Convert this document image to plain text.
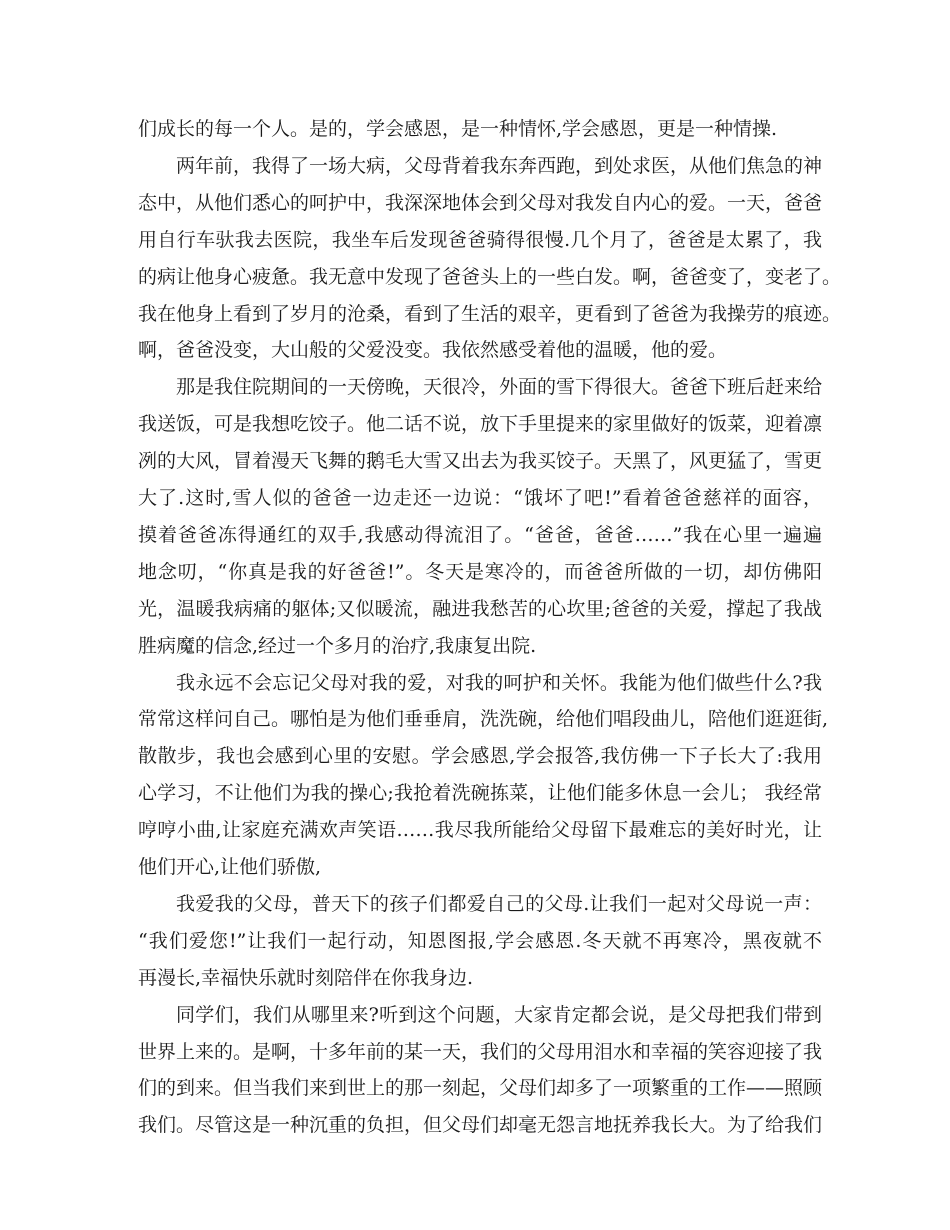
们成长的每一个人。是的，学会感恩，是一种情怀,学会感恩，更是一种情操.
两年前，我得了一场大病，父母背着我东奔西跑，到处求医，从他们焦急的神
态中，从他们悉心的呵护中，我深深地体会到父母对我发自内心的爱。一天，爸爸
用自行车驮我去医院，我坐车后发现爸爸骑得很慢.几个月了，爸爸是太累了，我
的病让他身心疲惫。我无意中发现了爸爸头上的一些白发。啊，爸爸变了，变老了。
我在他身上看到了岁月的沧桑，看到了生活的艰辛，更看到了爸爸为我操劳的痕迹。
啊，爸爸没变，大山般的父爱没变。我依然感受着他的温暖，他的爱。
那是我住院期间的一天傍晚，天很冷，外面的雪下得很大。爸爸下班后赶来给
我送饭，可是我想吃饺子。他二话不说，放下手里提来的家里做好的饭菜，迎着凛
冽的大风，冒着漫天飞舞的鹅毛大雪又出去为我买饺子。天黑了，风更猛了，雪更
大了.这时,雪人似的爸爸一边走还一边说：“饿坏了吧!”看着爸爸慈祥的面容，
摸着爸爸冻得通红的双手,我感动得流泪了。“爸爸，爸爸……”我在心里一遍遍
地念叨，“你真是我的好爸爸!”。冬天是寒冷的，而爸爸所做的一切，却仿佛阳
光，温暖我病痛的躯体;又似暖流，融进我愁苦的心坎里;爸爸的关爱，撑起了我战
胜病魔的信念,经过一个多月的治疗,我康复出院.
我永远不会忘记父母对我的爱，对我的呵护和关怀。我能为他们做些什么?我
常常这样问自己。哪怕是为他们垂垂肩，洗洗碗，给他们唱段曲儿，陪他们逛逛街,
散散步，我也会感到心里的安慰。学会感恩,学会报答,我仿佛一下子长大了:我用
心学习，不让他们为我的操心;我抢着洗碗拣菜，让他们能多休息一会儿； 我经常
哼哼小曲,让家庭充满欢声笑语……我尽我所能给父母留下最难忘的美好时光，让
他们开心,让他们骄傲,
我爱我的父母，普天下的孩子们都爱自己的父母.让我们一起对父母说一声：
“我们爱您!”让我们一起行动，知恩图报,学会感恩.冬天就不再寒冷，黑夜就不
再漫长,幸福快乐就时刻陪伴在你我身边.
同学们，我们从哪里来?听到这个问题，大家肯定都会说，是父母把我们带到
世界上来的。是啊，十多年前的某一天，我们的父母用泪水和幸福的笑容迎接了我
们的到来。但当我们来到世上的那一刻起，父母们却多了一项繁重的工作——照顾
我们。尽管这是一种沉重的负担，但父母们却毫无怨言地抚养我长大。为了给我们
